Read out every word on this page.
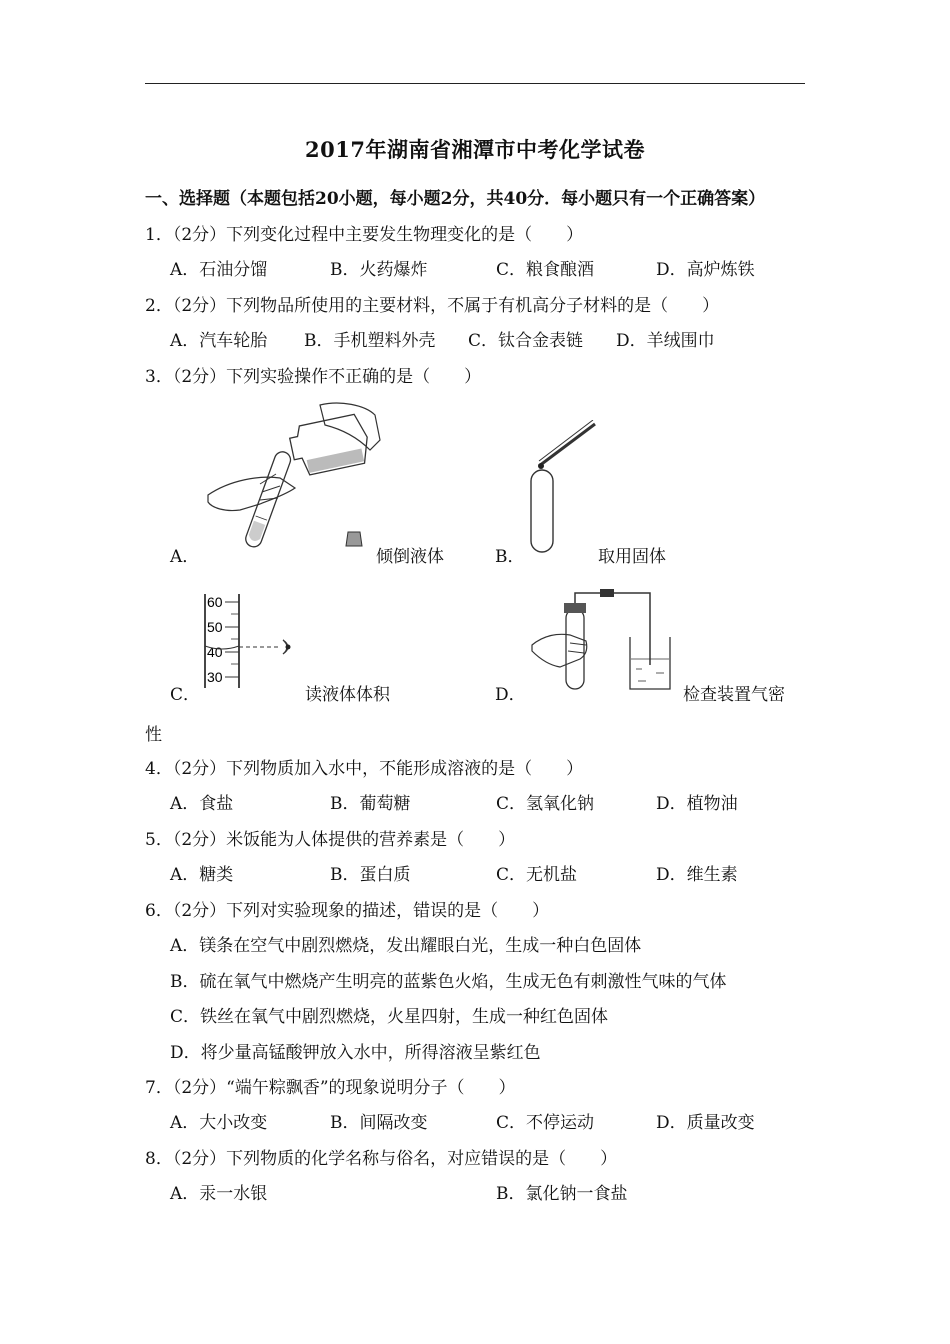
2017年湖南省湘潭市中考化学试卷
一、选择题（本题包括20小题，每小题2分，共40分．每小题只有一个正确答案）
1．（2分）下列变化过程中主要发生物理变化的是（　　）
A．石油分馏	B．火药爆炸	C．粮食酿酒	D．高炉炼铁
2．（2分）下列物品所使用的主要材料，不属于有机高分子材料的是（　　）
A．汽车轮胎 B．手机塑料外壳 C．钛合金表链 D．羊绒围巾
3．（2分）下列实验操作不正确的是（　　）
A．	倾倒液体	B．	取用固体
C．
60
50
40
30
读液体体积	D．	检查装置气密
性
4．（2分）下列物质加入水中，不能形成溶液的是（　　）
A．食盐	B．葡萄糖	C．氢氧化钠	D．植物油
5．（2分）米饭能为人体提供的营养素是（　　）
A．糖类	B．蛋白质	C．无机盐	D．维生素
6．（2分）下列对实验现象的描述，错误的是（　　）
A．镁条在空气中剧烈燃烧，发出耀眼白光，生成一种白色固体
B．硫在氧气中燃烧产生明亮的蓝紫色火焰，生成无色有刺激性气味的气体
C．铁丝在氧气中剧烈燃烧，火星四射，生成一种红色固体
D．将少量高锰酸钾放入水中，所得溶液呈紫红色
7．（2分）“端午粽飘香”的现象说明分子（　　）
A．大小改变	B．间隔改变	C．不停运动	D．质量改变
8．（2分）下列物质的化学名称与俗名，对应错误的是（　　）
A．汞一水银	B．氯化钠一食盐
